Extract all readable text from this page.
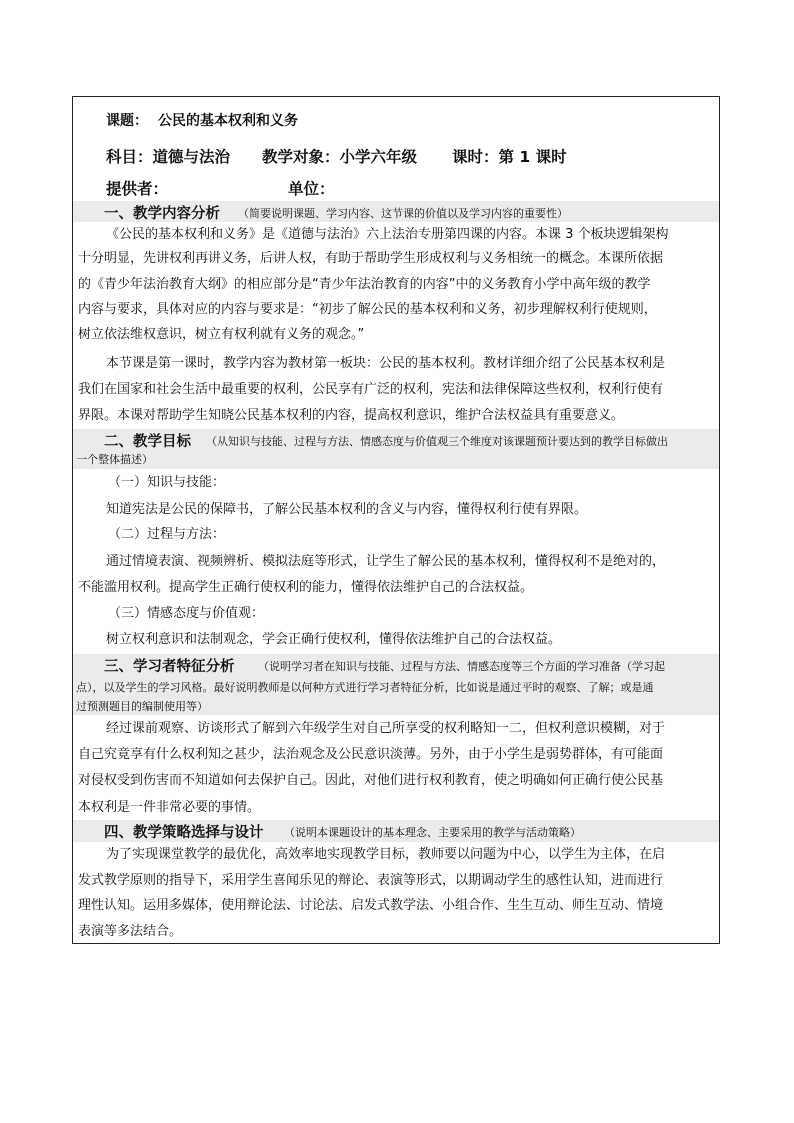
课题： 公民的基本权利和义务
科目：道德与法治 教学对象：小学六年级 课时：第 1 课时
提供者：	单位：
一、教学内容分析 （简要说明课题、学习内容、这节课的价值以及学习内容的重要性）
《公民的基本权利和义务》是《道德与法治》六上法治专册第四课的内容。本课 3 个板块逻辑架构
十分明显，先讲权利再讲义务，后讲人权，有助于帮助学生形成权利与义务相统一的概念。本课所依据
的《青少年法治教育大纲》的相应部分是“青少年法治教育的内容”中的义务教育小学中高年级的教学
内容与要求，具体对应的内容与要求是：“初步了解公民的基本权利和义务，初步理解权利行使规则，
树立依法维权意识，树立有权利就有义务的观念。”
本节课是第一课时，教学内容为教材第一板块：公民的基本权利。教材详细介绍了公民基本权利是
我们在国家和社会生活中最重要的权利，公民享有广泛的权利，宪法和法律保障这些权利，权利行使有
界限。本课对帮助学生知晓公民基本权利的内容，提高权利意识，维护合法权益具有重要意义。
二、教学目标 （从知识与技能、过程与方法、情感态度与价值观三个维度对该课题预计要达到的教学目标做出
一个整体描述）
（一）知识与技能：
知道宪法是公民的保障书，了解公民基本权利的含义与内容，懂得权利行使有界限。
（二）过程与方法：
通过情境表演、视频辨析、模拟法庭等形式，让学生了解公民的基本权利，懂得权利不是绝对的，
不能滥用权利。提高学生正确行使权利的能力，懂得依法维护自己的合法权益。
（三）情感态度与价值观：
树立权利意识和法制观念，学会正确行使权利，懂得依法维护自己的合法权益。
三、学习者特征分析 （说明学习者在知识与技能、过程与方法、情感态度等三个方面的学习准备（学习起
点），以及学生的学习风格。最好说明教师是以何种方式进行学习者特征分析，比如说是通过平时的观察、了解；或是通
过预测题目的编制使用等）
经过课前观察、访谈形式了解到六年级学生对自己所享受的权利略知一二，但权利意识模糊，对于
自己究竟享有什么权利知之甚少，法治观念及公民意识淡薄。另外，由于小学生是弱势群体，有可能面
对侵权受到伤害而不知道如何去保护自己。因此，对他们进行权利教育，使之明确如何正确行使公民基
本权利是一件非常必要的事情。
四、教学策略选择与设计 （说明本课题设计的基本理念、主要采用的教学与活动策略）
为了实现课堂教学的最优化，高效率地实现教学目标，教师要以问题为中心，以学生为主体，在启
发式教学原则的指导下，采用学生喜闻乐见的辩论、表演等形式，以期调动学生的感性认知，进而进行
理性认知。运用多媒体，使用辩论法、讨论法、启发式教学法、小组合作、生生互动、师生互动、情境
表演等多法结合。
